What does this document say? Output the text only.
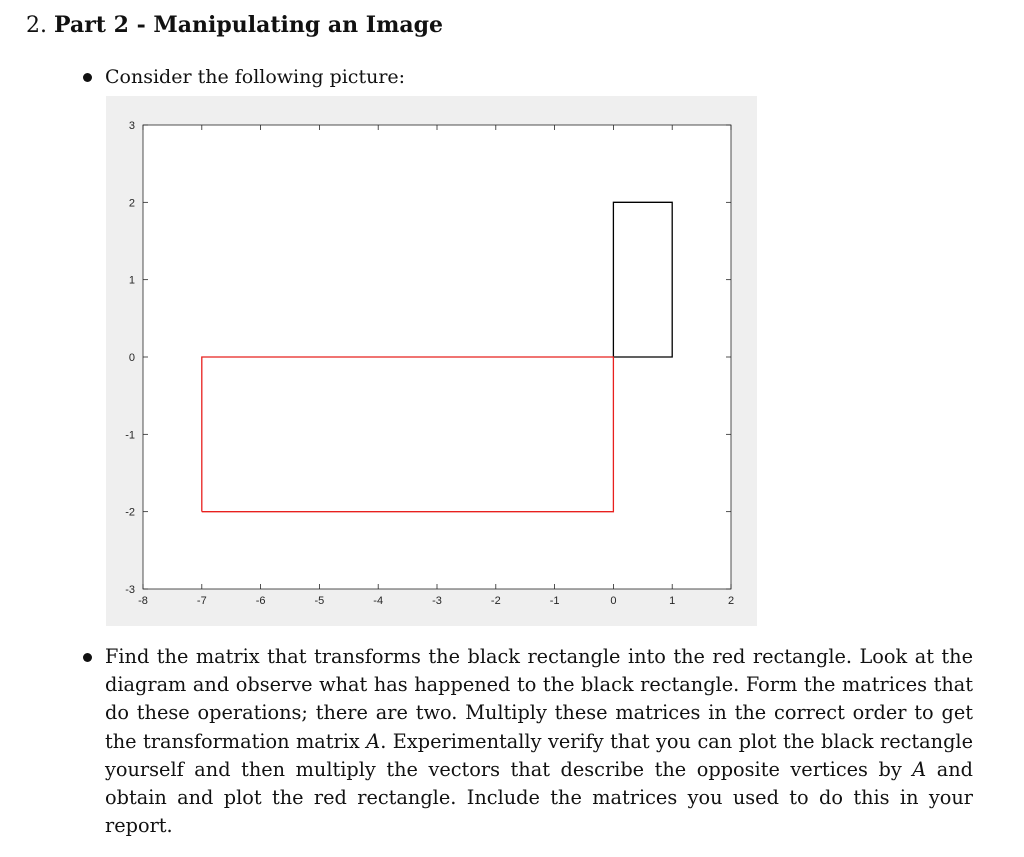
2. Part 2 - Manipulating an Image
Consider the following picture:
-8	-7	-6	-5	-4	-3	-2	-1	0	1	2
-3
-2
-1
0
1
2
3
Find the matrix that transforms the black rectangle into the red rectangle. Look at the diagram and observe what has happened to the black rectangle. Form the matrices that do these operations; there are two. Multiply these matrices in the correct order to get the transformation matrix A. Experimentally verify that you can plot the black rectangle yourself and then multiply the vectors that describe the opposite vertices by A and obtain and plot the red rectangle. Include the matrices you used to do this in your report.
